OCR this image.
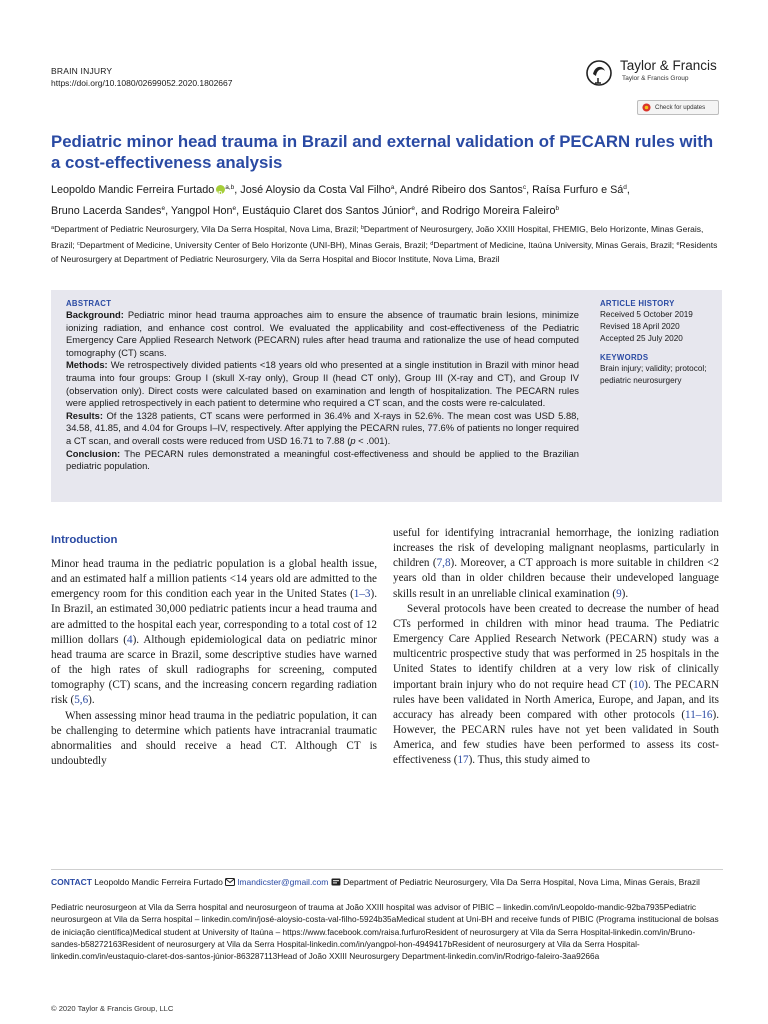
BRAIN INJURY
https://doi.org/10.1080/02699052.2020.1802667
Taylor & Francis
Taylor & Francis Group
Check for updates
Pediatric minor head trauma in Brazil and external validation of PECARN rules with a cost-effectiveness analysis
Leopoldo Mandic Ferreira FurtadoiD $^{a,b}$, José Aloysio da Costa Val Filho$^a$, André Ribeiro dos Santos$^c$, Raísa Furfuro e $Sá^d$,
Bruno Lacerda Sandes$^e$, Yangpol Hon$^e$, Eustáquio Claret dos Santos Júnior$^e$, and Rodrigo Moreira Faleiro$^b$
$^a$Department of Pediatric Neurosurgery, Vila Da Serra Hospital, Nova Lima, Brazil; $^b$Department of Neurosurgery, João XXIII Hospital, FHEMIG, Belo Horizonte, Minas Gerais, Brazil; $^c$Department of Medicine, University Center of Belo Horizonte (UNI-BH), Minas Gerais, Brazil; $^d$Department of Medicine, Itaúna University, Minas Gerais, Brazil; $^e$Residents of Neurosurgery at Department of Pediatric Neurosurgery, Vila da Serra Hospital and Biocor Institute, Nova Lima, Brazil
ABSTRACT

Background: Pediatric minor head trauma approaches aim to ensure the absence of traumatic brain lesions, minimize ionizing radiation, and enhance cost control. We evaluated the applicability and cost-effectiveness of the Pediatric Emergency Care Applied Research Network (PECARN) rules after head trauma and rationalize the use of head computed tomography (CT) scans.

Methods: We retrospectively divided patients <18 years old who presented at a single institution in Brazil with minor head trauma into four groups: Group I (skull X-ray only), Group II (head CT only), Group III (X-ray and CT), and Group IV (observation only). Direct costs were calculated based on examination and length of hospitalization. The PECARN rules were applied retrospectively in each patient to determine who required a CT scan, and the costs were re-calculated.

Results: Of the 1328 patients, CT scans were performed in 36.4% and X-rays in 52.6%. The mean cost was USD 5.88, 34.58, 41.85, and 4.04 for Groups I–IV, respectively. After applying the PECARN rules, 77.6% of patients no longer required a CT scan, and overall costs were reduced from USD 16.71 to 7.88 (p < .001).

Conclusion: The PECARN rules demonstrated a meaningful cost-effectiveness and should be applied to the Brazilian pediatric population.

ARTICLE HISTORY
Received 5 October 2019
Revised 18 April 2020
Accepted 25 July 2020
KEYWORDS
Brain injury; validity; protocol; pediatric neurosurgery
Introduction

Minor head trauma in the pediatric population is a global health issue, and an estimated half a million patients <14 years old are admitted to the emergency room for this condition each year in the United States (1–3). In Brazil, an estimated 30,000 pediatric patients incur a head trauma and are admitted to the hospital each year, corresponding to a total cost of 12 million dollars (4). Although epidemiological data on pediatric minor head trauma are scarce in Brazil, some descriptive studies have warned of the high rates of skull radiographs for screening, computed tomography (CT) scans, and the increasing concern regarding radiation risk (5,6).

When assessing minor head trauma in the pediatric population, it can be challenging to determine which patients have intracranial traumatic abnormalities and should receive a head CT. Although CT is undoubtedly

useful for identifying intracranial hemorrhage, the ionizing radiation increases the risk of developing malignant neoplasms, particularly in children (7,8). Moreover, a CT approach is more suitable in children <2 years old than in older children because their undeveloped language skills result in an unreliable clinical examination (9).

Several protocols have been created to decrease the number of head CTs performed in children with minor head trauma. The Pediatric Emergency Care Applied Research Network (PECARN) study was a multicentric prospective study that was performed in 25 hospitals in the United States to identify children at a very low risk of clinically important brain injury who do not require head CT (10). The PECARN rules have been validated in North America, Europe, and Japan, and its accuracy has already been compared with other protocols (11–16). However, the PECARN rules have not yet been validated in South America, and few studies have been performed to assess its cost-effectiveness (17). Thus, this study aimed to

CONTACT Leopoldo Mandic Ferreira Furtado  lmandicster@gmail.com  Department of Pediatric Neurosurgery, Vila Da Serra Hospital, Nova Lima, Minas Gerais, Brazil
Pediatric neurosurgeon at Vila da Serra hospital and neurosurgeon of trauma at João XXIII hospital was advisor of PIBIC – linkedin.com/in/Leopoldo-mandic-92ba7935Pediatric neurosurgeon at Vila da Serra hospital – linkedin.com/in/josé-aloysio-costa-val-filho-5924b35aMedical student at Uni-BH and receive funds of PIBIC (Programa institucional de bolsas de iniciação científica)Medical student at University of Itaúna – https://www.facebook.com/raisa.furfuroResident of neurosurgery at Vila da Serra Hospital-linkedin.com/in/Bruno-sandes-b58272163Resident of neurosurgery at Vila da Serra Hospital-linkedin.com/in/yangpol-hon-4949417bResident of neurosurgery at Vila da Serra Hospital-linkedin.com/in/eustaquio-claret-dos-santos-júnior-863287113Head of João XXIII Neurosurgery Department-linkedin.com/in/Rodrigo-faleiro-3aa9266a
© 2020 Taylor & Francis Group, LLC
